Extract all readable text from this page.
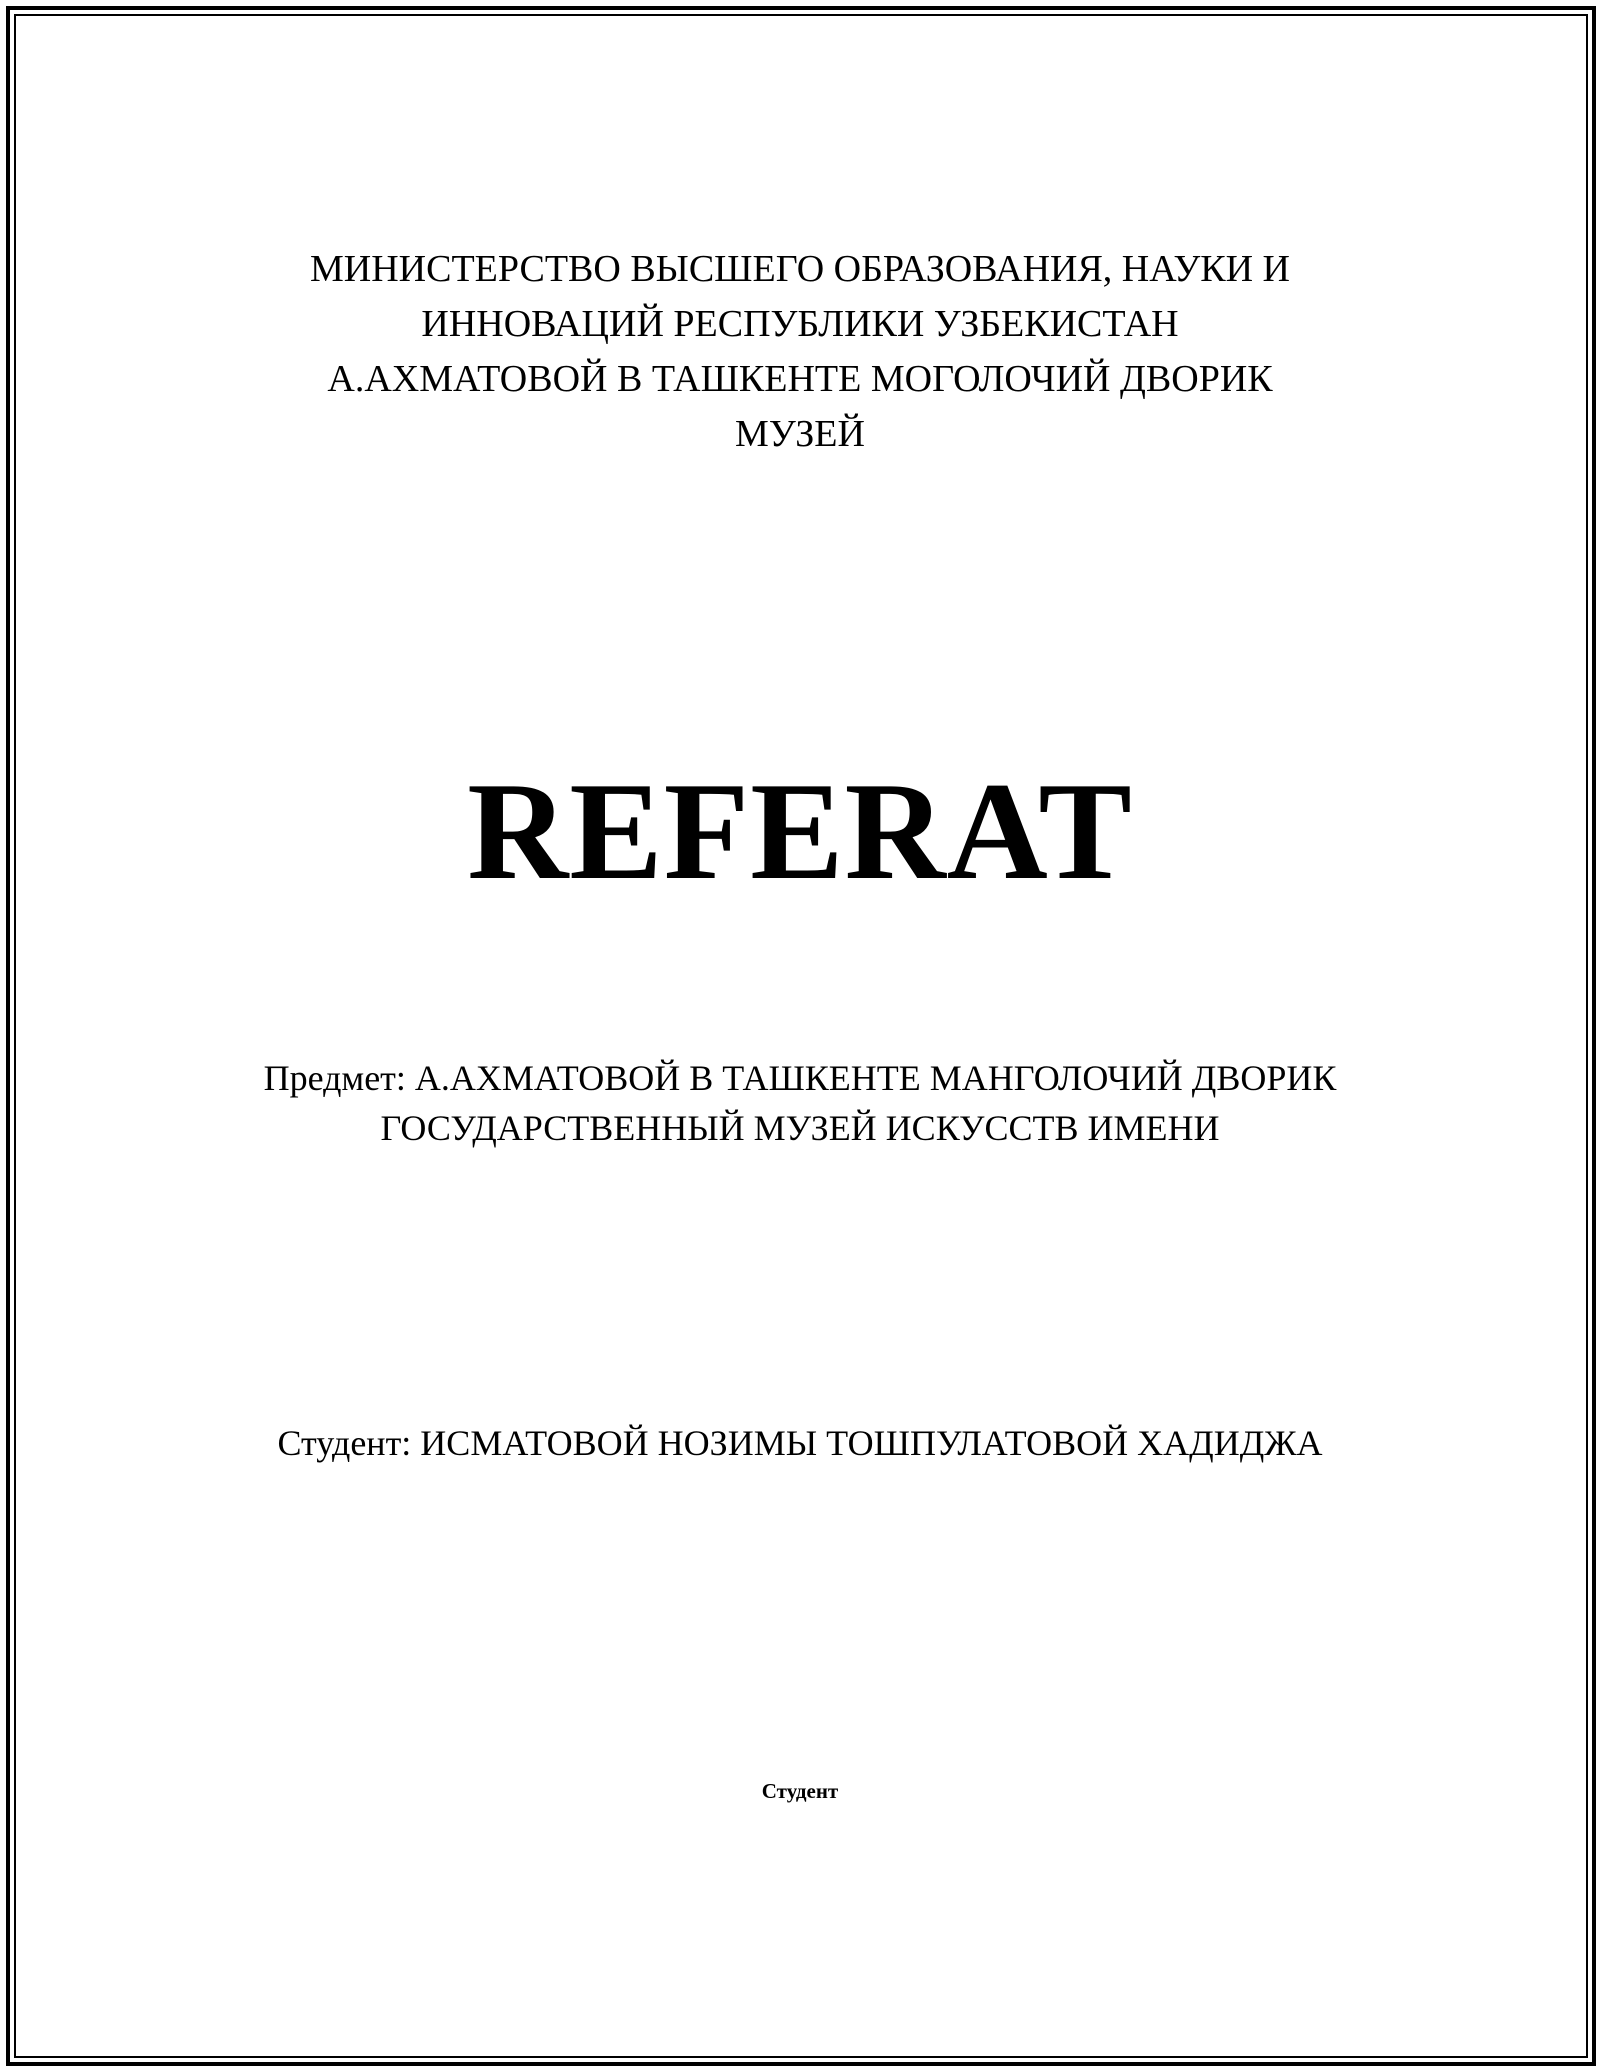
МИНИСТЕРСТВО ВЫСШЕГО ОБРАЗОВАНИЯ, НАУКИ И
ИННОВАЦИЙ РЕСПУБЛИКИ УЗБЕКИСТАН
А.АХМАТОВОЙ В ТАШКЕНТЕ МОГОЛОЧИЙ ДВОРИК
МУЗЕЙ
REFERAT
Предмет: А.АХМАТОВОЙ В ТАШКЕНТЕ МАНГОЛОЧИЙ ДВОРИК
ГОСУДАРСТВЕННЫЙ МУЗЕЙ ИСКУССТВ ИМЕНИ
Студент: ИСМАТОВОЙ НОЗИМЫ ТОШПУЛАТОВОЙ ХАДИДЖА
Студент
